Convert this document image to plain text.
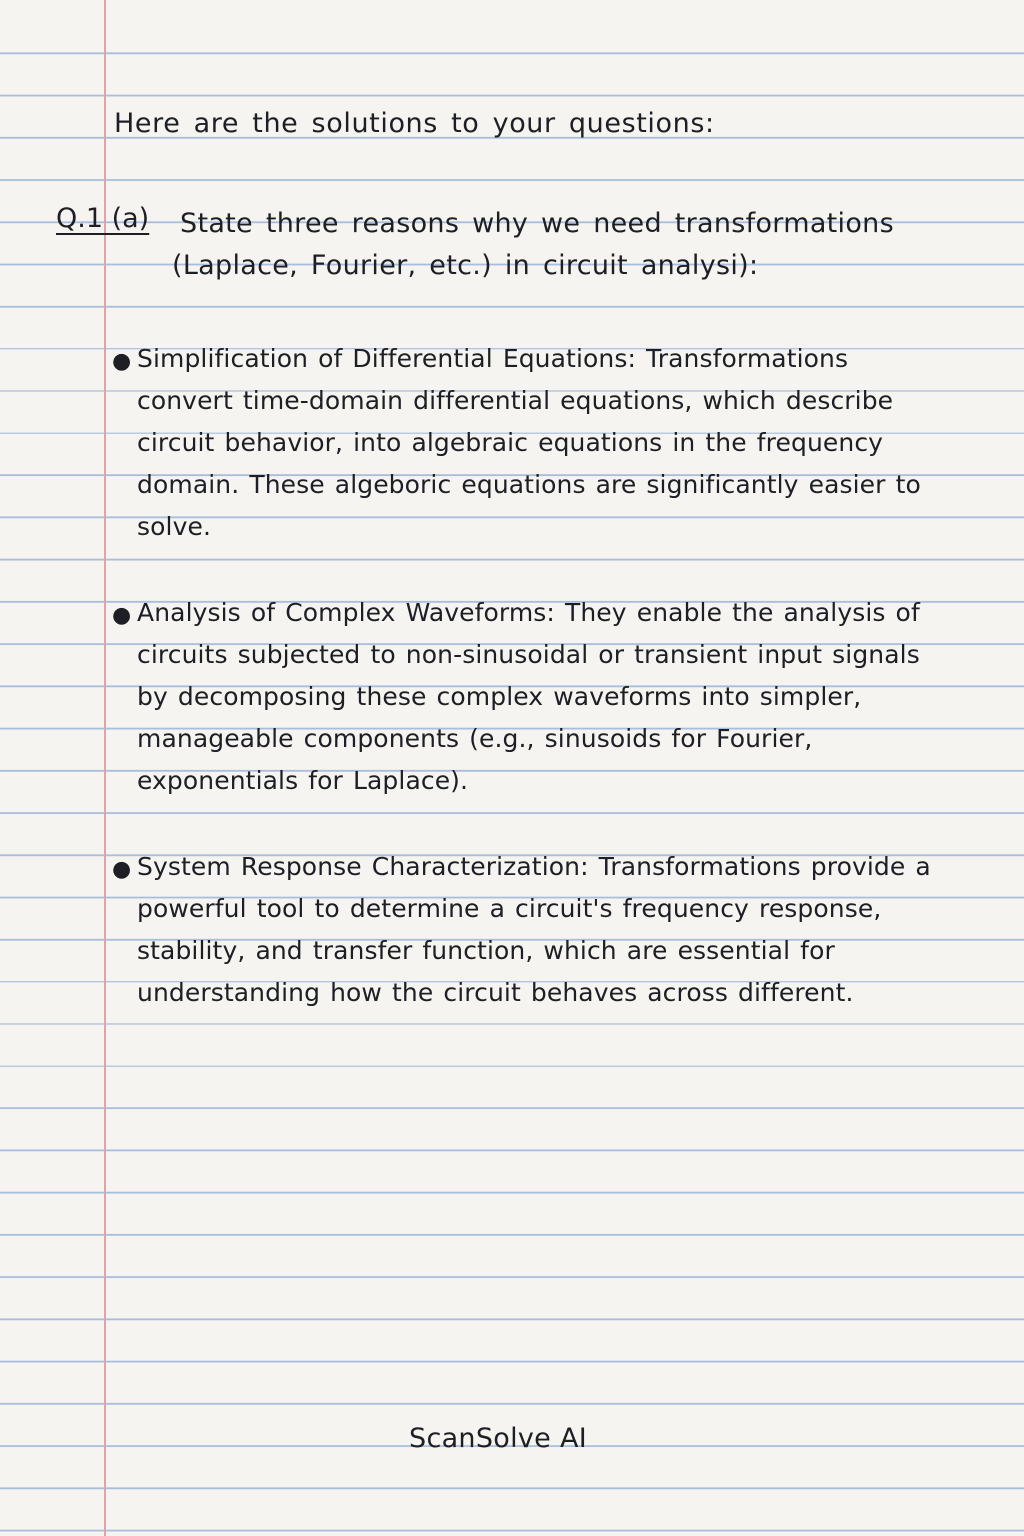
Here are the solutions to your questions:
Q.1 (a) State three reasons why we need transformations
(Laplace, Fourier, etc.) in circuit analysi):
● Simplification of Differential Equations: Transformations convert time-domain differential equations, which describe circuit behavior, into algebraic equations in the frequency domain. These algeboric equations are significantly easier to solve.
● Analysis of Complex Waveforms: They enable the analysis of circuits subjected to non-sinusoidal or transient input signals by decomposing these complex waveforms into simpler, manageable components (e.g., sinusoids for Fourier, exponentials for Laplace).
● System Response Characterization: Transformations provide a powerful tool to determine a circuit's frequency response, stability, and transfer function, which are essential for understanding how the circuit behaves across different.
ScanSolve AI
